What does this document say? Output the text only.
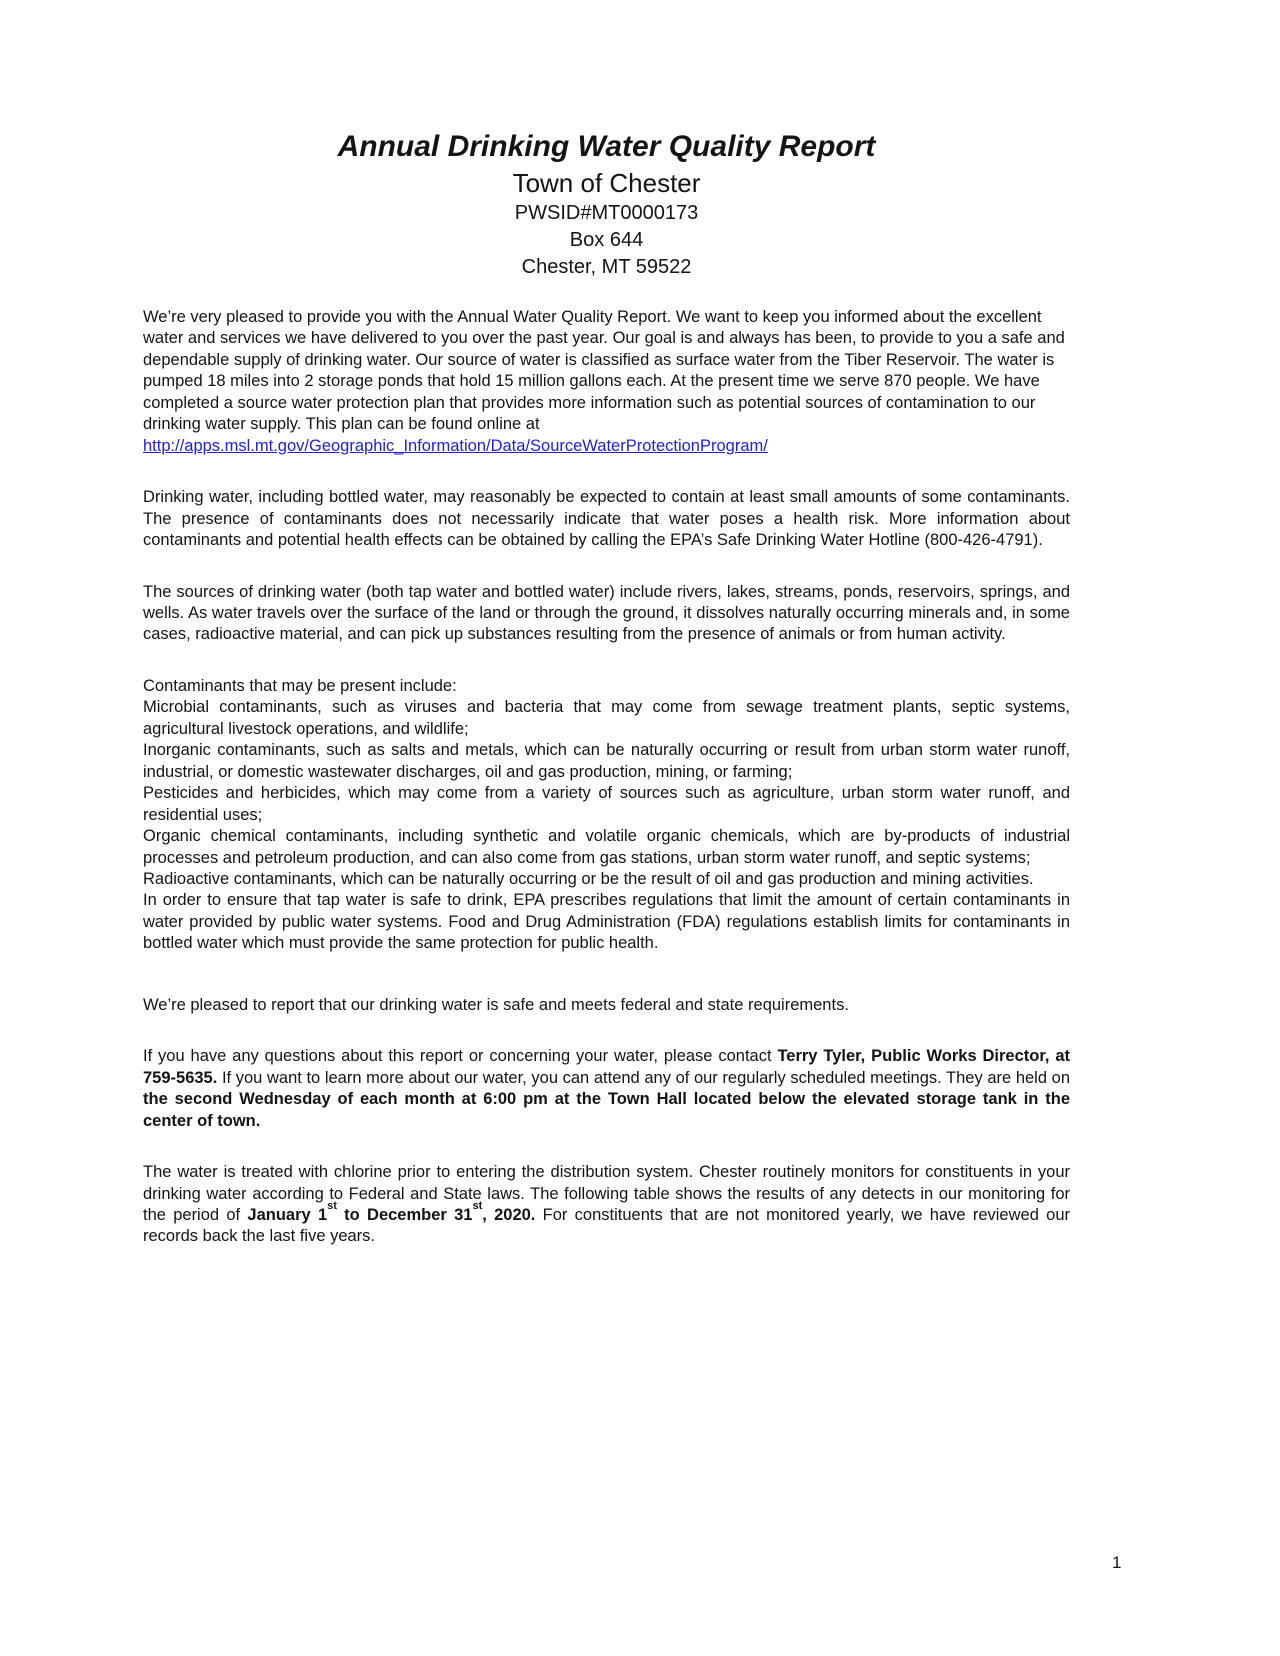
Annual Drinking Water Quality Report
Town of Chester
PWSID#MT0000173
Box 644
Chester, MT 59522

We’re very pleased to provide you with the Annual Water Quality Report. We want to keep you informed about the excellent water and services we have delivered to you over the past year. Our goal is and always has been, to provide to you a safe and dependable supply of drinking water. Our source of water is classified as surface water from the Tiber Reservoir. The water is pumped 18 miles into 2 storage ponds that hold 15 million gallons each. At the present time we serve 870 people. We have completed a source water protection plan that provides more information such as potential sources of contamination to our drinking water supply. This plan can be found online at
http://apps.msl.mt.gov/Geographic_Information/Data/SourceWaterProtectionProgram/

Drinking water, including bottled water, may reasonably be expected to contain at least small amounts of some contaminants. The presence of contaminants does not necessarily indicate that water poses a health risk. More information about contaminants and potential health effects can be obtained by calling the EPA’s Safe Drinking Water Hotline (800-426-4791).

The sources of drinking water (both tap water and bottled water) include rivers, lakes, streams, ponds, reservoirs, springs, and wells. As water travels over the surface of the land or through the ground, it dissolves naturally occurring minerals and, in some cases, radioactive material, and can pick up substances resulting from the presence of animals or from human activity.

Contaminants that may be present include:

Microbial contaminants, such as viruses and bacteria that may come from sewage treatment plants, septic systems, agricultural livestock operations, and wildlife;

Inorganic contaminants, such as salts and metals, which can be naturally occurring or result from urban storm water runoff, industrial, or domestic wastewater discharges, oil and gas production, mining, or farming;

Pesticides and herbicides, which may come from a variety of sources such as agriculture, urban storm water runoff, and residential uses;

Organic chemical contaminants, including synthetic and volatile organic chemicals, which are by-products of industrial processes and petroleum production, and can also come from gas stations, urban storm water runoff, and septic systems;

Radioactive contaminants, which can be naturally occurring or be the result of oil and gas production and mining activities.

In order to ensure that tap water is safe to drink, EPA prescribes regulations that limit the amount of certain contaminants in water provided by public water systems. Food and Drug Administration (FDA) regulations establish limits for contaminants in bottled water which must provide the same protection for public health.

We’re pleased to report that our drinking water is safe and meets federal and state requirements.

If you have any questions about this report or concerning your water, please contact Terry Tyler, Public Works Director, at 759-5635. If you want to learn more about our water, you can attend any of our regularly scheduled meetings. They are held on the second Wednesday of each month at 6:00 pm at the Town Hall located below the elevated storage tank in the center of town.

The water is treated with chlorine prior to entering the distribution system. Chester routinely monitors for constituents in your drinking water according to Federal and State laws. The following table shows the results of any detects in our monitoring for the period of January 1st to December 31st, 2020. For constituents that are not monitored yearly, we have reviewed our records back the last five years.

1
